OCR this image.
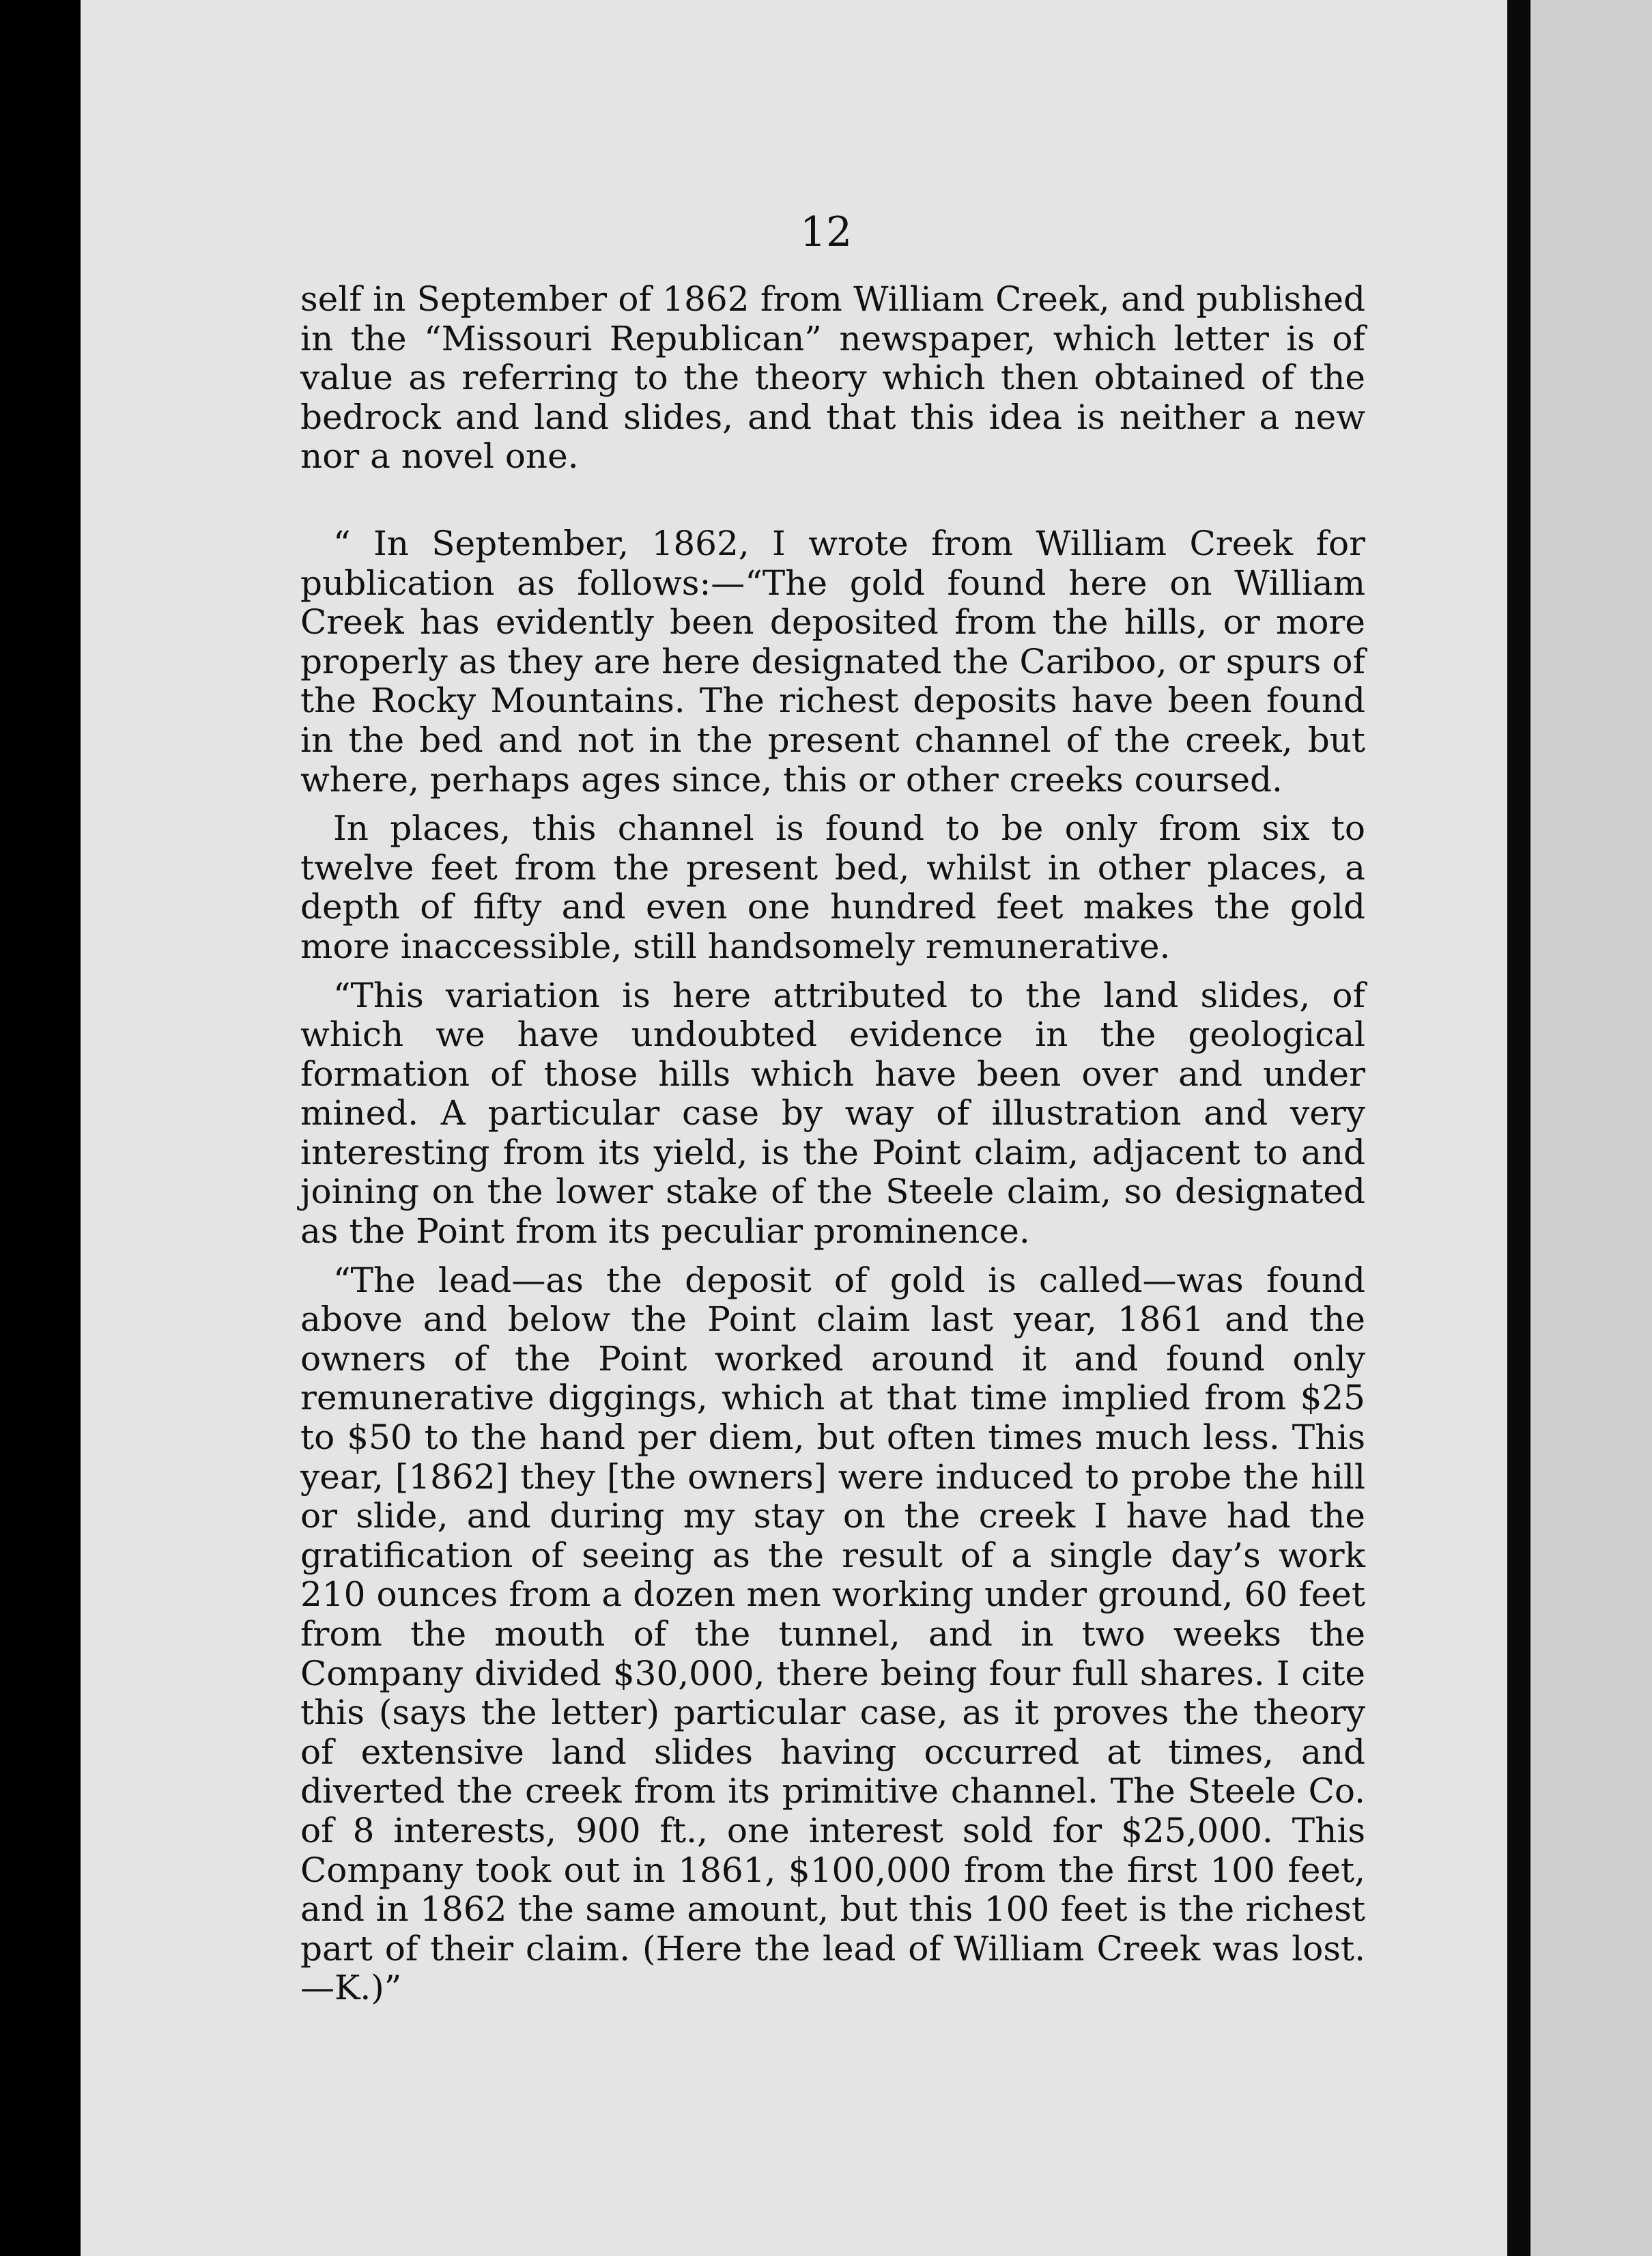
12

self in September of 1862 from William Creek, and published in the “Missouri Republican” newspaper, which letter is of value as referring to the theory which then obtained of the bedrock and land slides, and that this idea is neither a new nor a novel one.

“ In September, 1862, I wrote from William Creek for publication as follows:—“The gold found here on William Creek has evidently been deposited from the hills, or more properly as they are here designated the Cariboo, or spurs of the Rocky Mountains. The richest deposits have been found in the bed and not in the present channel of the creek, but where, perhaps ages since, this or other creeks coursed.

In places, this channel is found to be only from six to twelve feet from the present bed, whilst in other places, a depth of fifty and even one hundred feet makes the gold more inaccessible, still handsomely remunerative.

“This variation is here attributed to the land slides, of which we have undoubted evidence in the geological formation of those hills which have been over and under mined. A particular case by way of illustration and very interesting from its yield, is the Point claim, adjacent to and joining on the lower stake of the Steele claim, so designated as the Point from its peculiar prominence.

“The lead—as the deposit of gold is called—was found above and below the Point claim last year, 1861 and the owners of the Point worked around it and found only remunerative diggings, which at that time implied from $25 to $50 to the hand per diem, but often times much less. This year, [1862] they [the owners] were induced to probe the hill or slide, and during my stay on the creek I have had the gratification of seeing as the result of a single day’s work 210 ounces from a dozen men working under ground, 60 feet from the mouth of the tunnel, and in two weeks the Company divided $30,000, there being four full shares. I cite this (says the letter) particular case, as it proves the theory of extensive land slides having occurred at times, and diverted the creek from its primitive channel. The Steele Co. of 8 interests, 900 ft., one interest sold for $25,000. This Company took out in 1861, $100,000 from the first 100 feet, and in 1862 the same amount, but this 100 feet is the richest part of their claim. (Here the lead of William Creek was lost.—K.)”
